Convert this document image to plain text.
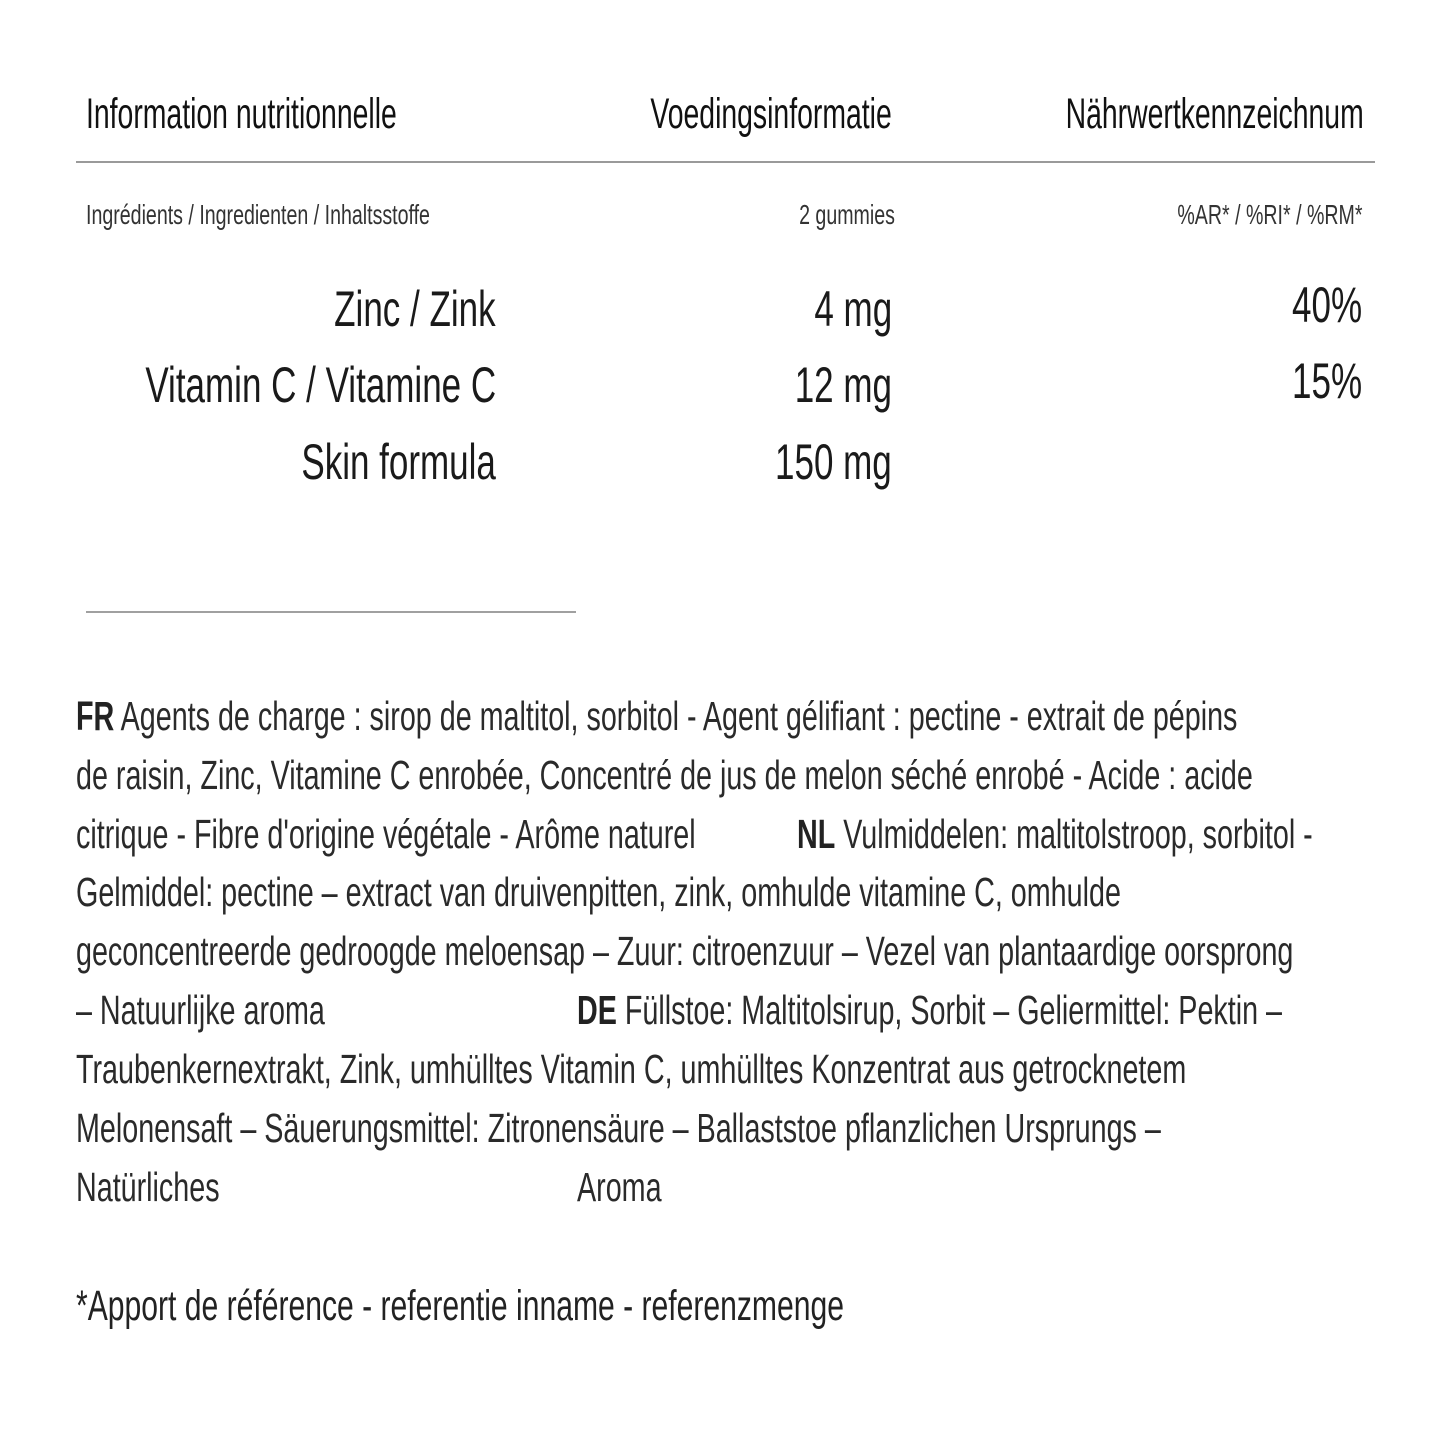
Information nutritionnelle	Voedingsinformatie	Nährwertkennzeichnum
Ingrédients / Ingredienten / Inhaltsstoffe	2 gummies	%AR* / %RI* / %RM*
Zinc / Zink	4 mg	40%
Vitamin C / Vitamine C	12 mg	15%
Skin formula	150 mg
FR Agents de charge : sirop de maltitol, sorbitol - Agent gélifiant : pectine - extrait de pépins
de raisin, Zinc, Vitamine C enrobée, Concentré de jus de melon séché enrobé - Acide : acide
citrique - Fibre d'origine végétale - Arôme naturel	NL Vulmiddelen: maltitolstroop, sorbitol -
Gelmiddel: pectine – extract van druivenpitten, zink, omhulde vitamine C, omhulde
geconcentreerde gedroogde meloensap – Zuur: citroenzuur – Vezel van plantaardige oorsprong
– Natuurlijke aroma	DE Füllstoe: Maltitolsirup, Sorbit – Geliermittel: Pektin –
Traubenkernextrakt, Zink, umhülltes Vitamin C, umhülltes Konzentrat aus getrocknetem
Melonensaft – Säuerungsmittel: Zitronensäure – Ballaststoe pflanzlichen Ursprungs –
Natürliches	Aroma
*Apport de référence - referentie inname - referenzmenge
